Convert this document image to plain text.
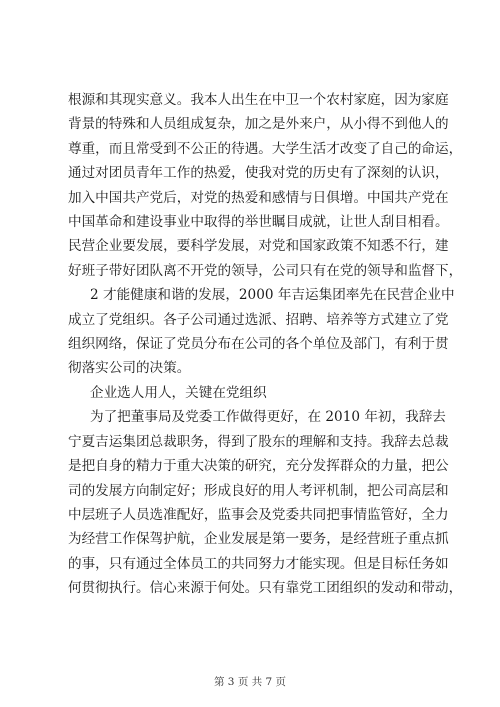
根源和其现实意义。我本人出生在中卫一个农村家庭，因为家庭
背景的特殊和人员组成复杂，加之是外来户，从小得不到他人的
尊重，而且常受到不公正的待遇。大学生活才改变了自己的命运，
通过对团员青年工作的热爱，使我对党的历史有了深刻的认识，
加入中国共产党后，对党的热爱和感情与日俱增。中国共产党在
中国革命和建设事业中取得的举世瞩目成就，让世人刮目相看。
民营企业要发展，要科学发展，对党和国家政策不知悉不行，建
好班子带好团队离不开党的领导，公司只有在党的领导和监督下，
2 才能健康和谐的发展，2000 年吉运集团率先在民营企业中
成立了党组织。各子公司通过选派、招聘、培养等方式建立了党
组织网络，保证了党员分布在公司的各个单位及部门，有利于贯
彻落实公司的决策。
企业选人用人，关键在党组织
为了把董事局及党委工作做得更好，在 2010 年初，我辞去
宁夏吉运集团总裁职务，得到了股东的理解和支持。我辞去总裁
是把自身的精力于重大决策的研究，充分发挥群众的力量，把公
司的发展方向制定好；形成良好的用人考评机制，把公司高层和
中层班子人员选准配好，监事会及党委共同把事情监管好，全力
为经营工作保驾护航，企业发展是第一要务，是经营班子重点抓
的事，只有通过全体员工的共同努力才能实现。但是目标任务如
何贯彻执行。信心来源于何处。只有靠党工团组织的发动和带动，
第 3 页 共 7 页
